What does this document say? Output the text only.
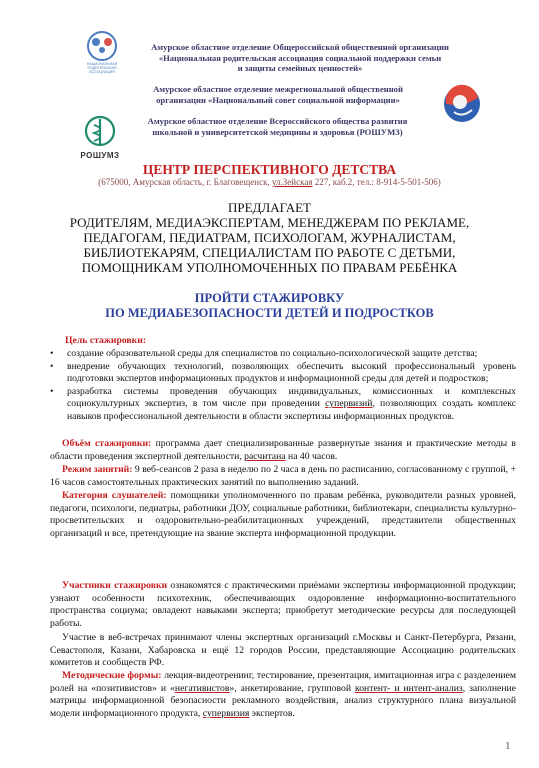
НАЦИОНАЛЬНАЯ РОДИТЕЛЬСКАЯ АССОЦИАЦИЯ
РОШУМЗ
Амурское областное отделение Общероссийской общественной организации
«Национальная родительская ассоциация социальной поддержки семьи
и защиты семейных ценностей»
Амурское областное отделение межрегиональной общественной
организации «Национальный совет социальной информации»
Амурское областное отделение Всероссийского общества развития
школьной и университетской медицины и здоровья (РОШУМЗ)
ЦЕНТР ПЕРСПЕКТИВНОГО ДЕТСТВА
(675000, Амурская область, г. Благовещенск, ул.Зейская 227, каб.2, тел.: 8-914-5-501-506)
ПРЕДЛАГАЕТ
РОДИТЕЛЯМ, МЕДИАЭКСПЕРТАМ, МЕНЕДЖЕРАМ ПО РЕКЛАМЕ,
ПЕДАГОГАМ, ПЕДИАТРАМ, ПСИХОЛОГАМ, ЖУРНАЛИСТАМ,
БИБЛИОТЕКАРЯМ, СПЕЦИАЛИСТАМ ПО РАБОТЕ С ДЕТЬМИ,
ПОМОЩНИКАМ УПОЛНОМОЧЕННЫХ ПО ПРАВАМ РЕБЁНКА
ПРОЙТИ СТАЖИРОВКУ
ПО МЕДИАБЕЗОПАСНОСТИ ДЕТЕЙ И ПОДРОСТКОВ
Цель стажировки:
• создание образовательной среды для специалистов по социально-психологической защите детства;
• внедрение обучающих технологий, позволяющих обеспечить высокий профессиональный уровень подготовки экспертов информационных продуктов и информационной среды для детей и подростков;
• разработка системы проведения обучающих индивидуальных, комиссионных и комплексных социокультурных экспертиз, в том числе при проведении супервизий, позволяющих создать комплекс навыков профессиональной деятельности в области экспертизы информационных продуктов.
Объём стажировки: программа дает специализированные развернутые знания и практические методы в области проведения экспертной деятельности, расчитана на 40 часов.
Режим занятий: 9 веб-сеансов 2 раза в неделю по 2 часа в день по расписанию, согласованному с группой, + 16 часов самостоятельных практических занятий по выполнению заданий.
Категория слушателей: помощники уполномоченного по правам ребёнка, руководители разных уровней, педагоги, психологи, педиатры, работники ДОУ, социальные работники, библиотекари, специалисты культурно-просветительских и оздоровительно-реабилитационных учреждений, представители общественных организаций и все, претендующие на звание эксперта информационной продукции.
Участники стажировки ознакомятся с практическими приёмами экспертизы информационной продукции; узнают особенности психотехник, обеспечивающих оздоровление информационно-воспитательного пространства социума; овладеют навыками эксперта; приобретут методические ресурсы для последующей работы.
Участие в веб-встречах принимают члены экспертных организаций г.Москвы и Санкт-Петербурга, Рязани, Севастополя, Казани, Хабаровска и ещё 12 городов России, представляющие Ассоциацию родительских комитетов и сообществ РФ.
Методические формы: лекция-видеотренинг, тестирование, презентация, имитационная игра с разделением ролей на «позитивистов» и «негативистов», анкетирование, групповой контент- и интент-анализ, заполнение матрицы информационной безопасности рекламного воздействия, анализ структурного плана визуальной модели информационного продукта, супервизия экспертов.
1
